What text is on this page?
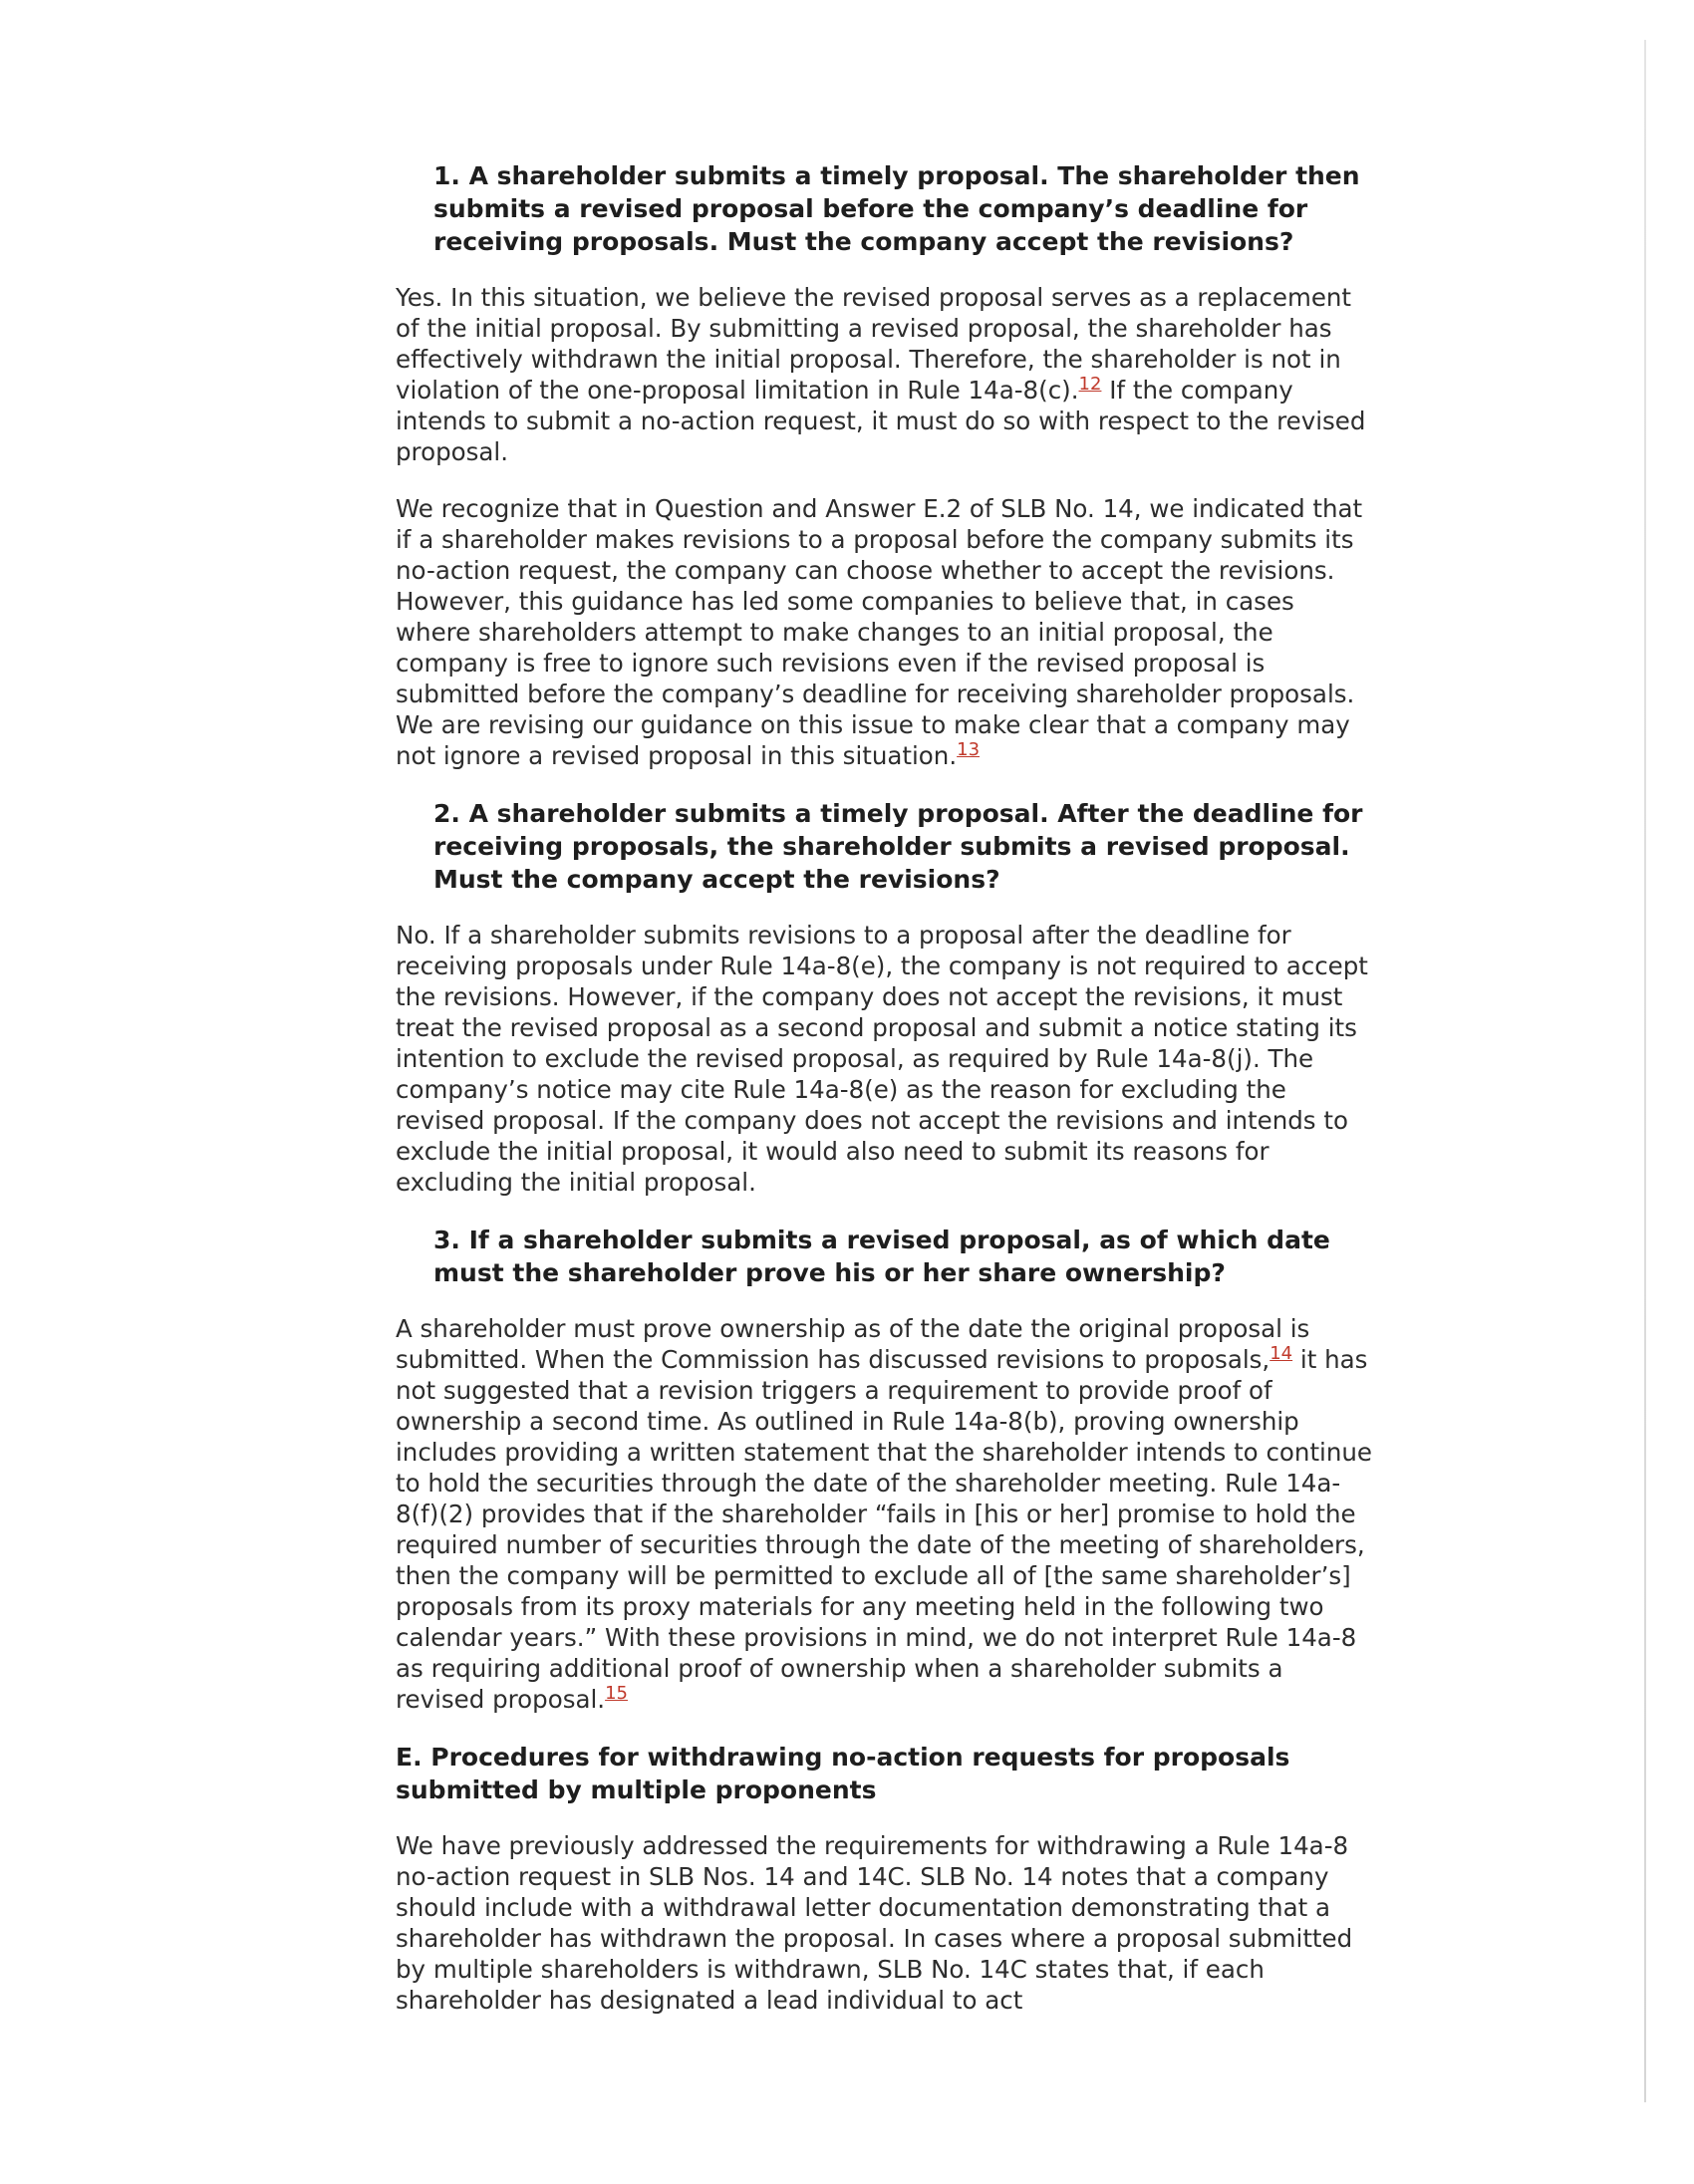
1. A shareholder submits a timely proposal. The shareholder then submits a revised proposal before the company’s deadline for receiving proposals. Must the company accept the revisions?

Yes. In this situation, we believe the revised proposal serves as a replacement of the initial proposal. By submitting a revised proposal, the shareholder has effectively withdrawn the initial proposal. Therefore, the shareholder is not in violation of the one-proposal limitation in Rule 14a-8(c).$^{12}$ If the company intends to submit a no-action request, it must do so with respect to the revised proposal.

We recognize that in Question and Answer E.2 of SLB No. 14, we indicated that if a shareholder makes revisions to a proposal before the company submits its no-action request, the company can choose whether to accept the revisions. However, this guidance has led some companies to believe that, in cases where shareholders attempt to make changes to an initial proposal, the company is free to ignore such revisions even if the revised proposal is submitted before the company’s deadline for receiving shareholder proposals. We are revising our guidance on this issue to make clear that a company may not ignore a revised proposal in this situation.$^{13}$

2. A shareholder submits a timely proposal. After the deadline for receiving proposals, the shareholder submits a revised proposal. Must the company accept the revisions?

No. If a shareholder submits revisions to a proposal after the deadline for receiving proposals under Rule 14a-8(e), the company is not required to accept the revisions. However, if the company does not accept the revisions, it must treat the revised proposal as a second proposal and submit a notice stating its intention to exclude the revised proposal, as required by Rule 14a-8(j). The company’s notice may cite Rule 14a-8(e) as the reason for excluding the revised proposal. If the company does not accept the revisions and intends to exclude the initial proposal, it would also need to submit its reasons for excluding the initial proposal.

3. If a shareholder submits a revised proposal, as of which date must the shareholder prove his or her share ownership?

A shareholder must prove ownership as of the date the original proposal is submitted. When the Commission has discussed revisions to proposals,$^{14}$ it has not suggested that a revision triggers a requirement to provide proof of ownership a second time. As outlined in Rule 14a-8(b), proving ownership includes providing a written statement that the shareholder intends to continue to hold the securities through the date of the shareholder meeting. Rule 14a-8(f)(2) provides that if the shareholder “fails in [his or her] promise to hold the required number of securities through the date of the meeting of shareholders, then the company will be permitted to exclude all of [the same shareholder’s] proposals from its proxy materials for any meeting held in the following two calendar years.” With these provisions in mind, we do not interpret Rule 14a-8 as requiring additional proof of ownership when a shareholder submits a revised proposal.$^{15}$

E. Procedures for withdrawing no-action requests for proposals submitted by multiple proponents

We have previously addressed the requirements for withdrawing a Rule 14a-8 no-action request in SLB Nos. 14 and 14C. SLB No. 14 notes that a company should include with a withdrawal letter documentation demonstrating that a shareholder has withdrawn the proposal. In cases where a proposal submitted by multiple shareholders is withdrawn, SLB No. 14C states that, if each shareholder has designated a lead individual to act
